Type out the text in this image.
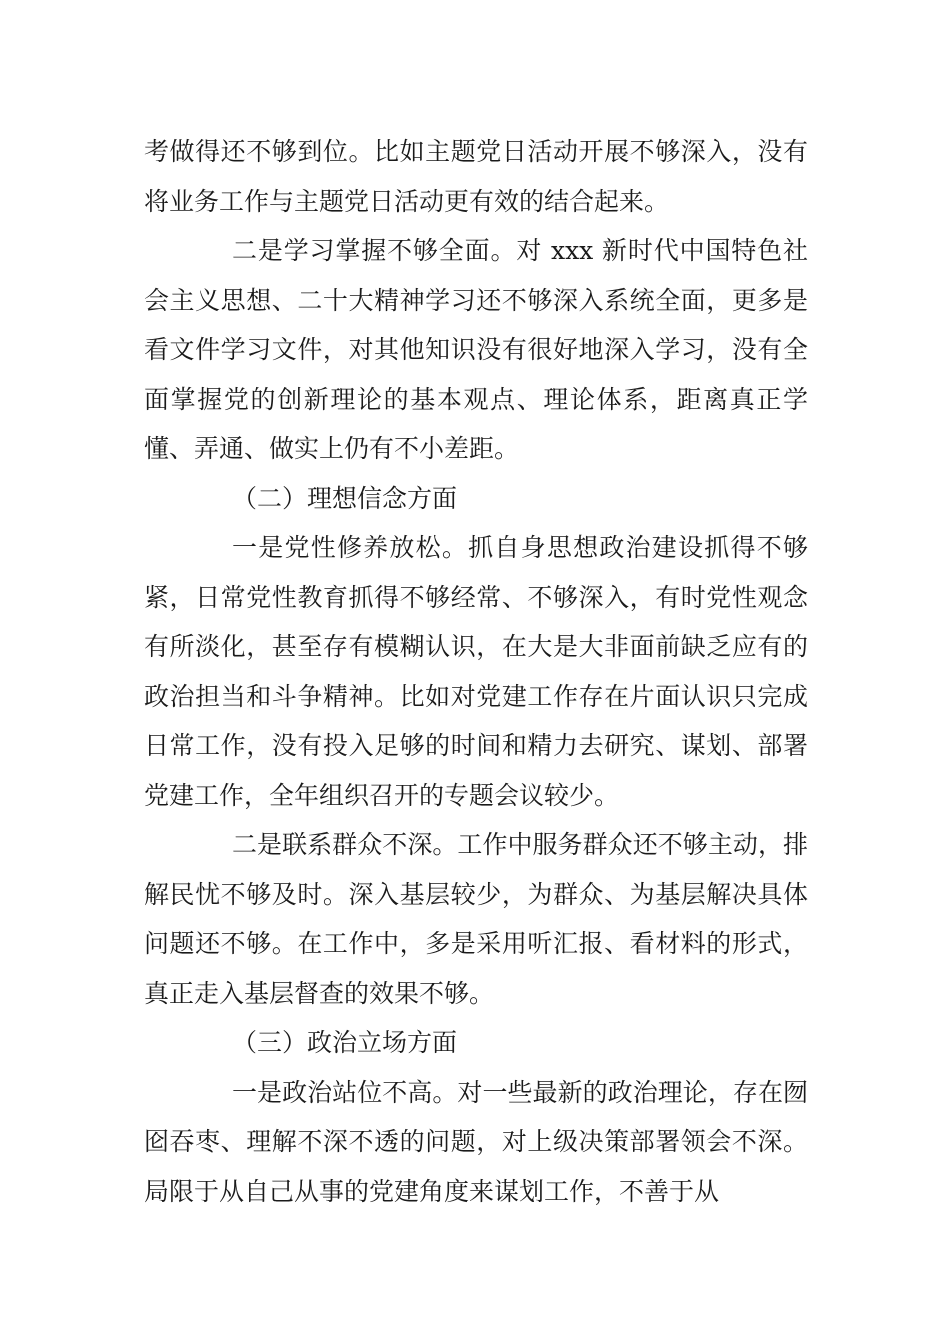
考做得还不够到位。比如主题党日活动开展不够深入，没有将业务工作与主题党日活动更有效的结合起来。

二是学习掌握不够全面。对 xxx 新时代中国特色社会主义思想、二十大精神学习还不够深入系统全面，更多是看文件学习文件，对其他知识没有很好地深入学习，没有全面掌握党的创新理论的基本观点、理论体系，距离真正学懂、弄通、做实上仍有不小差距。

（二）理想信念方面

一是党性修养放松。抓自身思想政治建设抓得不够紧，日常党性教育抓得不够经常、不够深入，有时党性观念有所淡化，甚至存有模糊认识，在大是大非面前缺乏应有的政治担当和斗争精神。比如对党建工作存在片面认识只完成日常工作，没有投入足够的时间和精力去研究、谋划、部署党建工作，全年组织召开的专题会议较少。

二是联系群众不深。工作中服务群众还不够主动，排解民忧不够及时。深入基层较少，为群众、为基层解决具体问题还不够。在工作中，多是采用听汇报、看材料的形式，真正走入基层督查的效果不够。

（三）政治立场方面

一是政治站位不高。对一些最新的政治理论，存在囫囵吞枣、理解不深不透的问题，对上级决策部署领会不深。局限于从自己从事的党建角度来谋划工作，不善于从
